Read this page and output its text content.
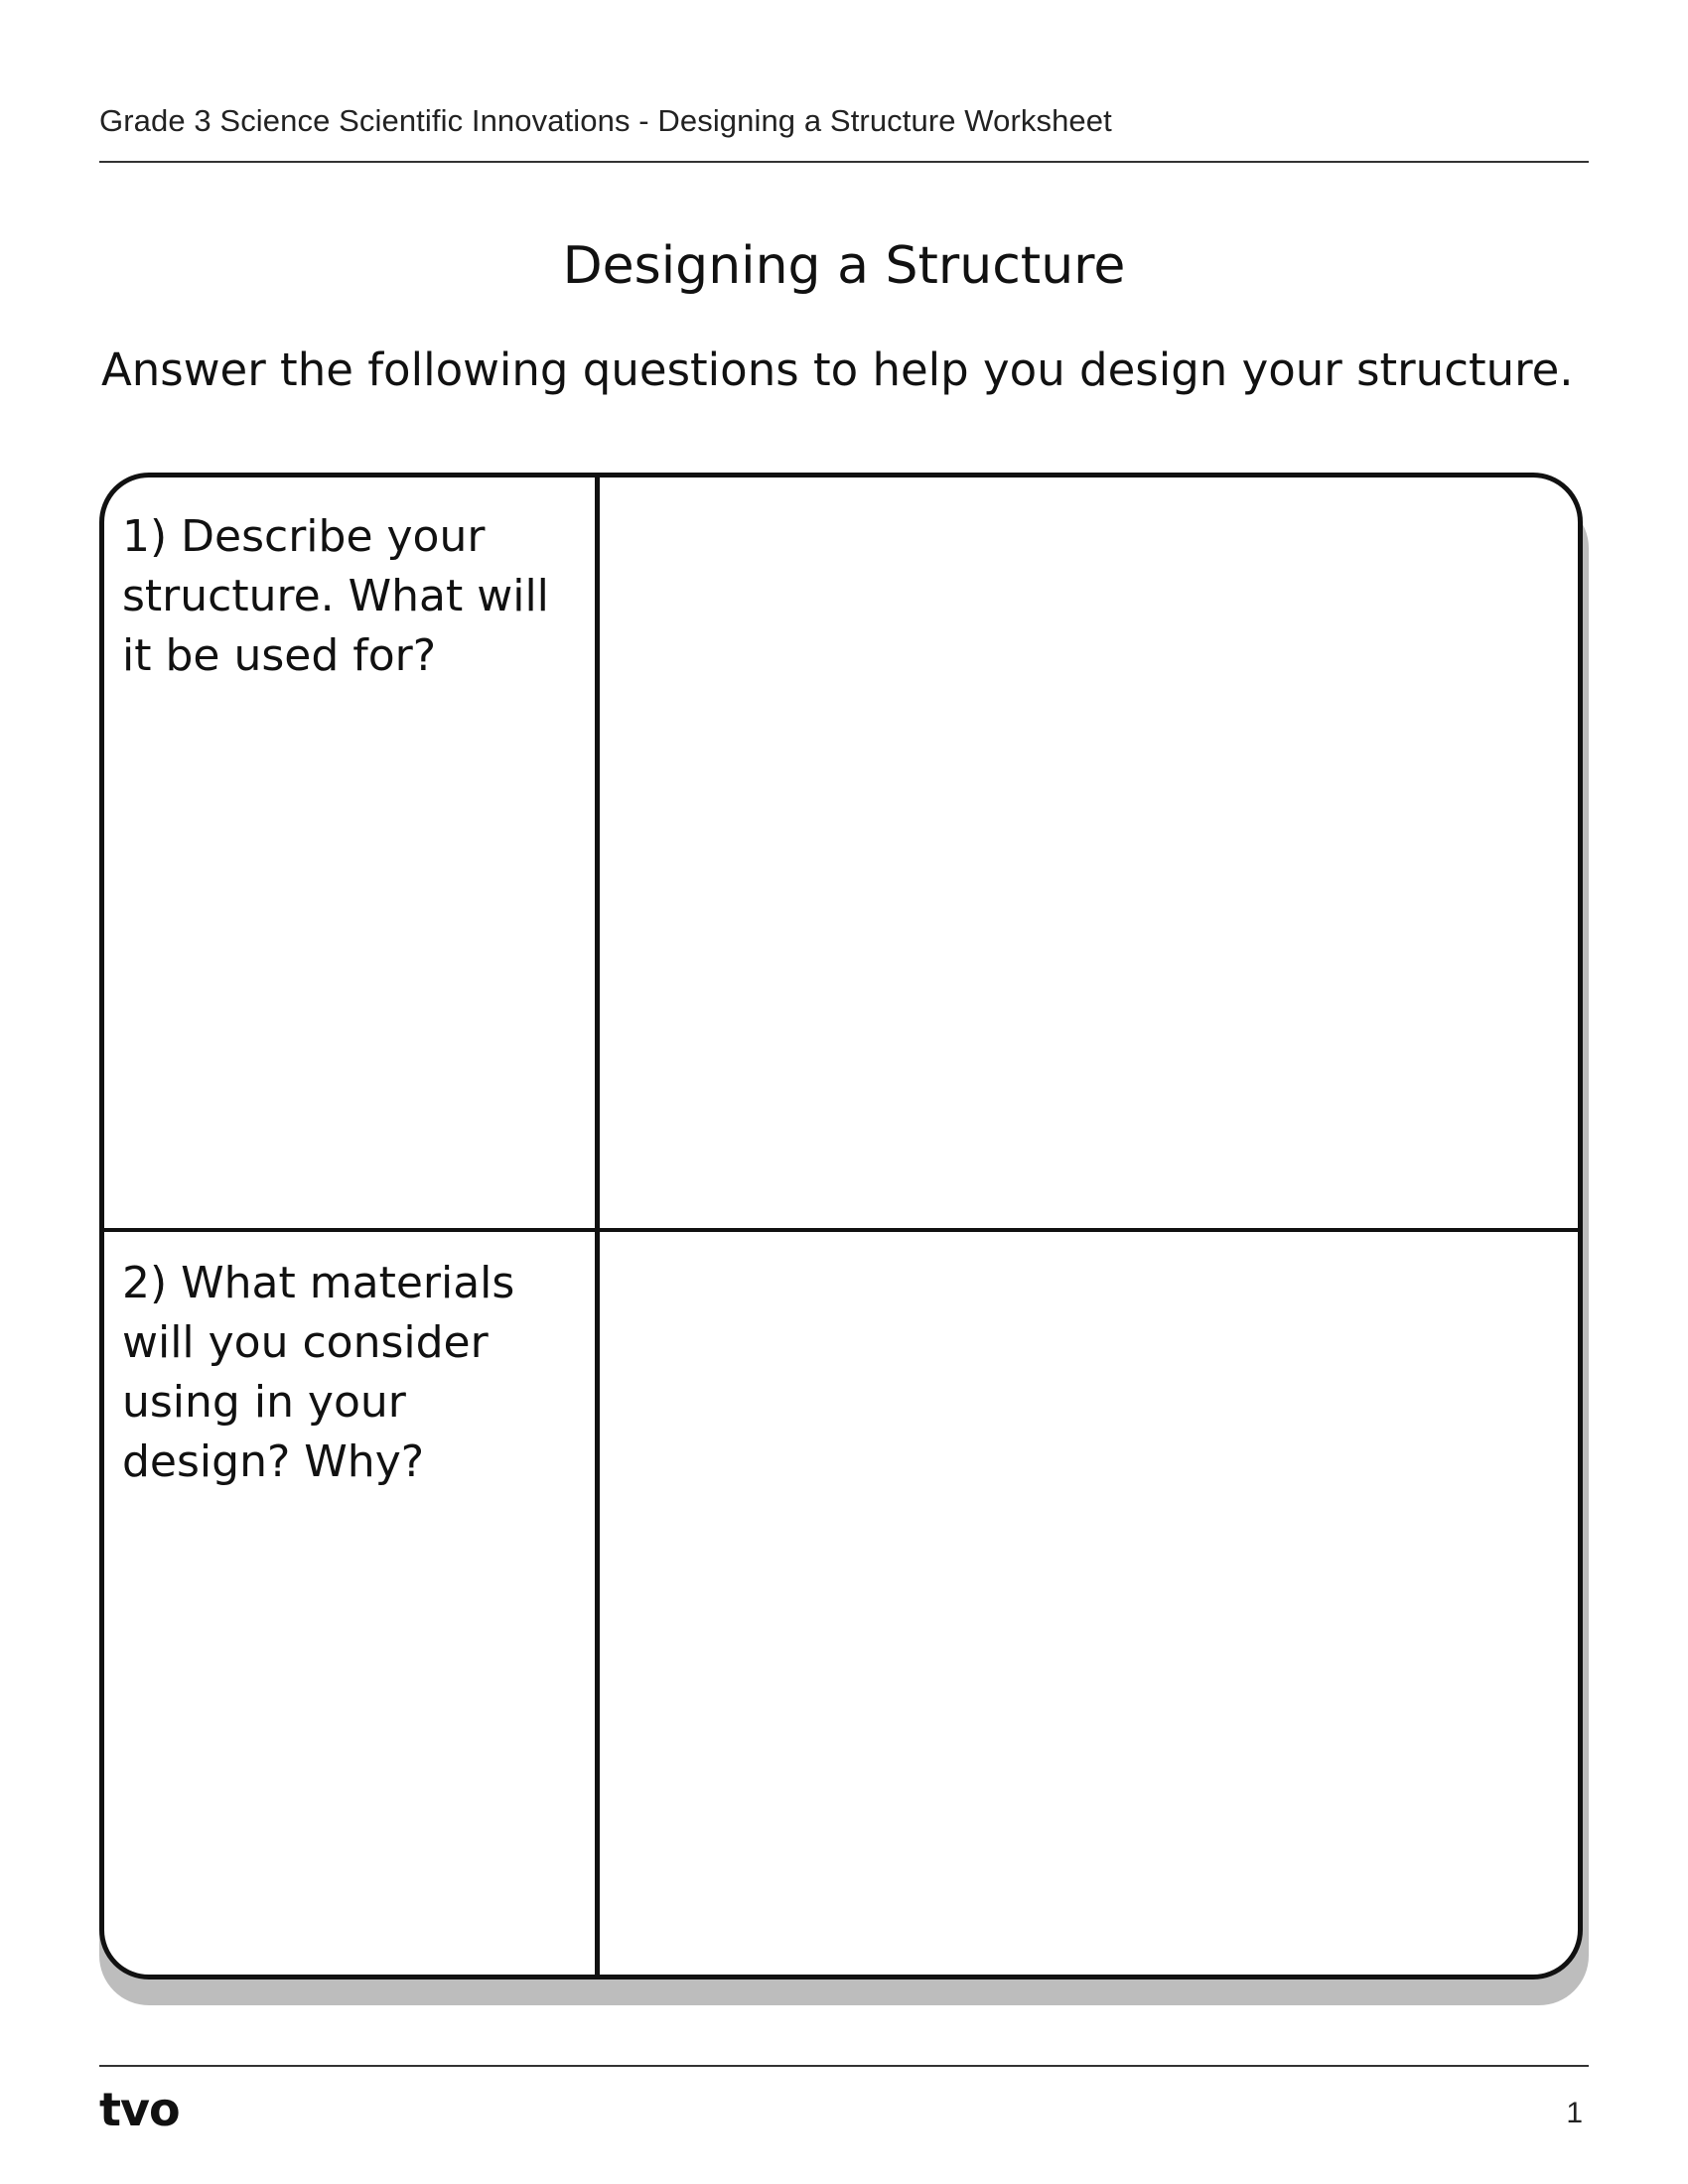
Grade 3 Science Scientific Innovations - Designing a Structure Worksheet
Designing a Structure
Answer the following questions to help you design your structure.
1) Describe your
structure. What will
it be used for?
2) What materials
will you consider
using in your
design? Why?
tvo	1
